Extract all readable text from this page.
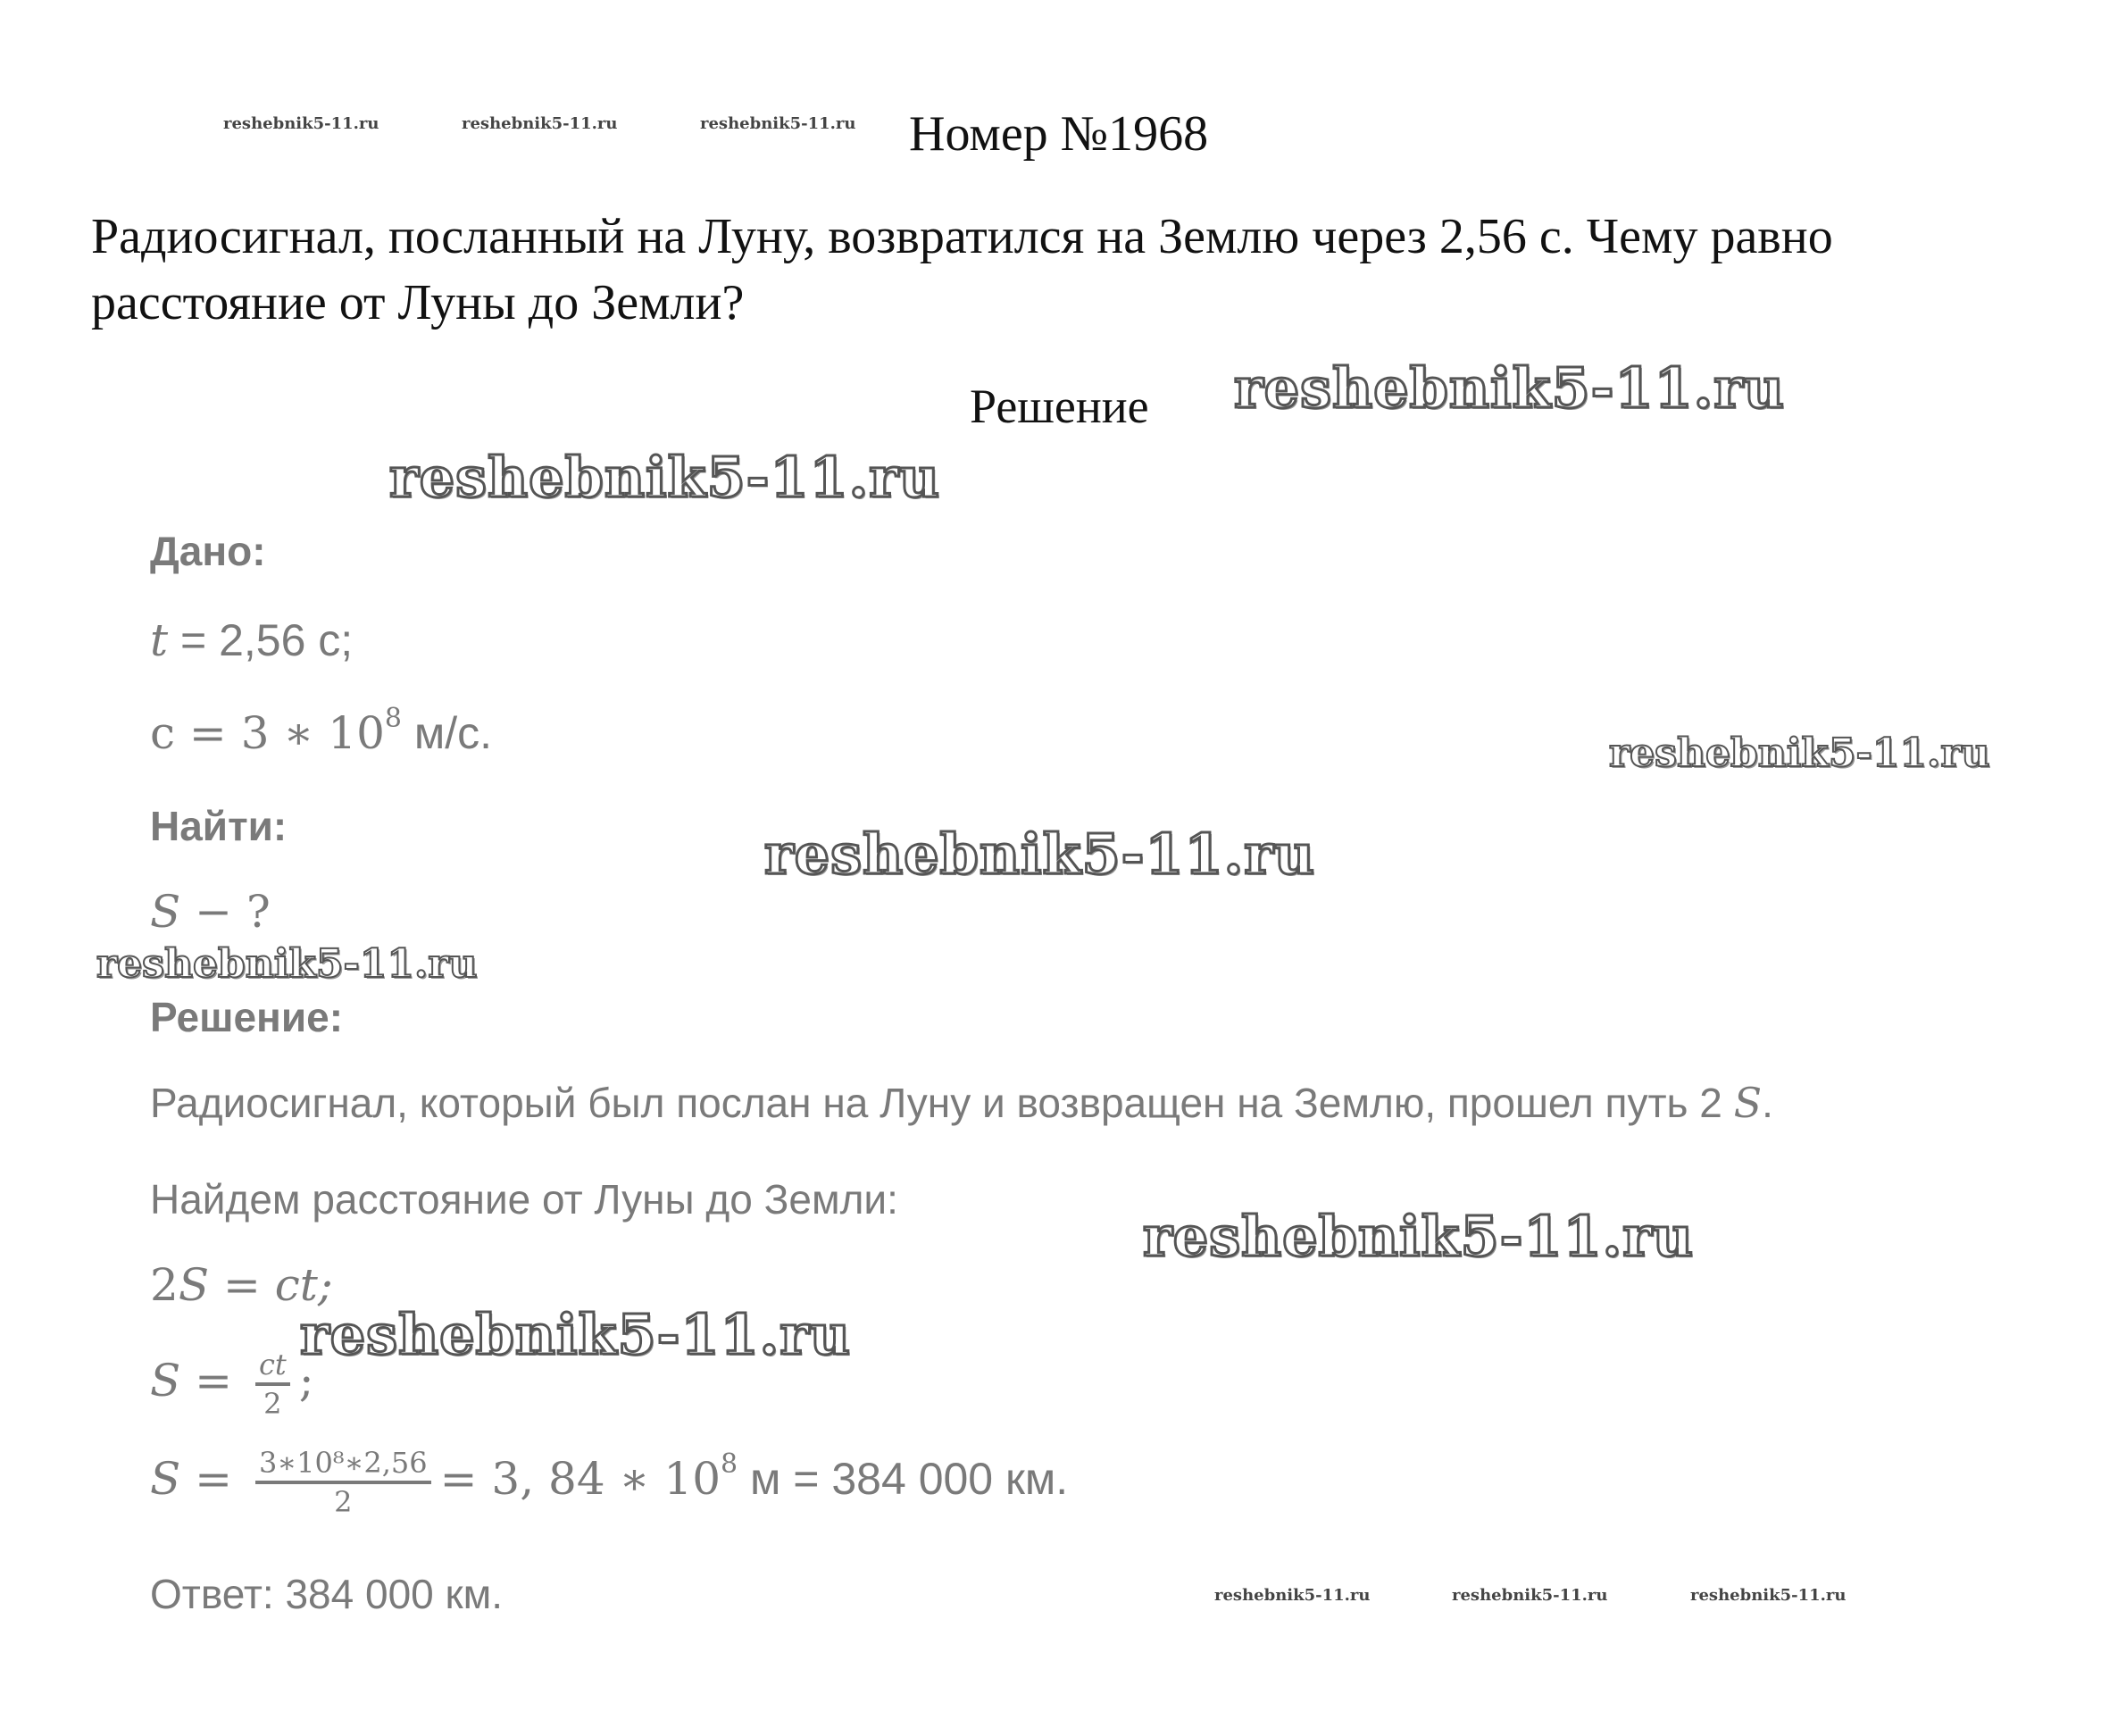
reshebnik5-11.ru	reshebnik5-11.ru	reshebnik5-11.ru Номер №1968
Радиосигнал, посланный на Луну, возвратился на Землю через 2,56 с. Чему равно расстояние от Луны до Земли?
Решение reshebnik5-11.ru
reshebnik5-11.ru
reshebnik5-11.ru
reshebnik5-11.ru
reshebnik5-11.ru
reshebnik5-11.ru
reshebnik5-11.ru
Дано:
t = 2,56 с;
c = 3 ∗ $10^8$ м/с.
Найти:
S − ?
Решение:
Радиосигнал, который был послан на Луну и возвращен на Землю, прошел путь 2 S.
Найдем расстояние от Луны до Земли:
2S = ct;
$S = \frac{ct}{2}$ ;
$S = \frac{\text{3∗10⁸∗2,56}}{2} = 3$, 84 ∗ $10^8$ м = 384 000 км.
Ответ: 384 000 км.	reshebnik5-11.ru	reshebnik5-11.ru	reshebnik5-11.ru
